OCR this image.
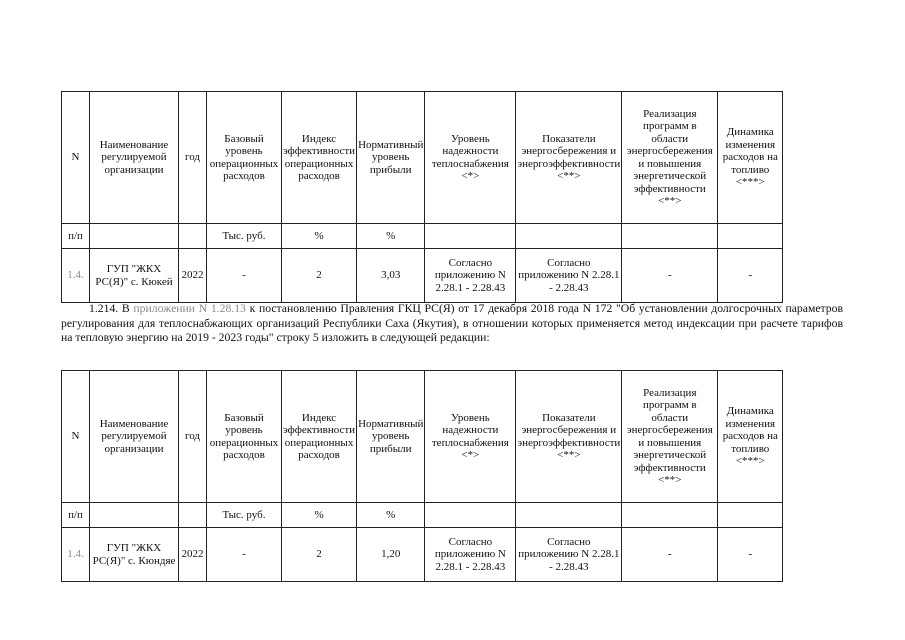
N	Наименование регулируемой организации	год	Базовый уровень операционных расходов	Индекс эффективности операционных расходов	Нормативный уровень прибыли	Уровень надежности теплоснабжения <*>	Показатели энергосбережения и энергоэффективности <**>	Реализация программ в области энергосбережения и повышения энергетической эффективности <**>	Динамика изменения расходов на топливо <***>
п/п			Тыс. руб.	%	%				
1.4.	ГУП "ЖКХ РС(Я)" с. Кюкей	2022	-	2	3,03	Согласно приложению N 2.28.1 - 2.28.43	Согласно приложению N 2.28.1 - 2.28.43	-	-

1.214. В приложении N 1.28.13 к постановлению Правления ГКЦ РС(Я) от 17 декабря 2018 года N 172 "Об установлении долгосрочных параметров регулирования для теплоснабжающих организаций Республики Саха (Якутия), в отношении которых применяется метод индексации при расчете тарифов на тепловую энергию на 2019 - 2023 годы" строку 5 изложить в следующей редакции:

N	Наименование регулируемой организации	год	Базовый уровень операционных расходов	Индекс эффективности операционных расходов	Нормативный уровень прибыли	Уровень надежности теплоснабжения <*>	Показатели энергосбережения и энергоэффективности <**>	Реализация программ в области энергосбережения и повышения энергетической эффективности <**>	Динамика изменения расходов на топливо <***>
п/п			Тыс. руб.	%	%				
1.4.	ГУП "ЖКХ РС(Я)" с. Кюндяе	2022	-	2	1,20	Согласно приложению N 2.28.1 - 2.28.43	Согласно приложению N 2.28.1 - 2.28.43	-	-
